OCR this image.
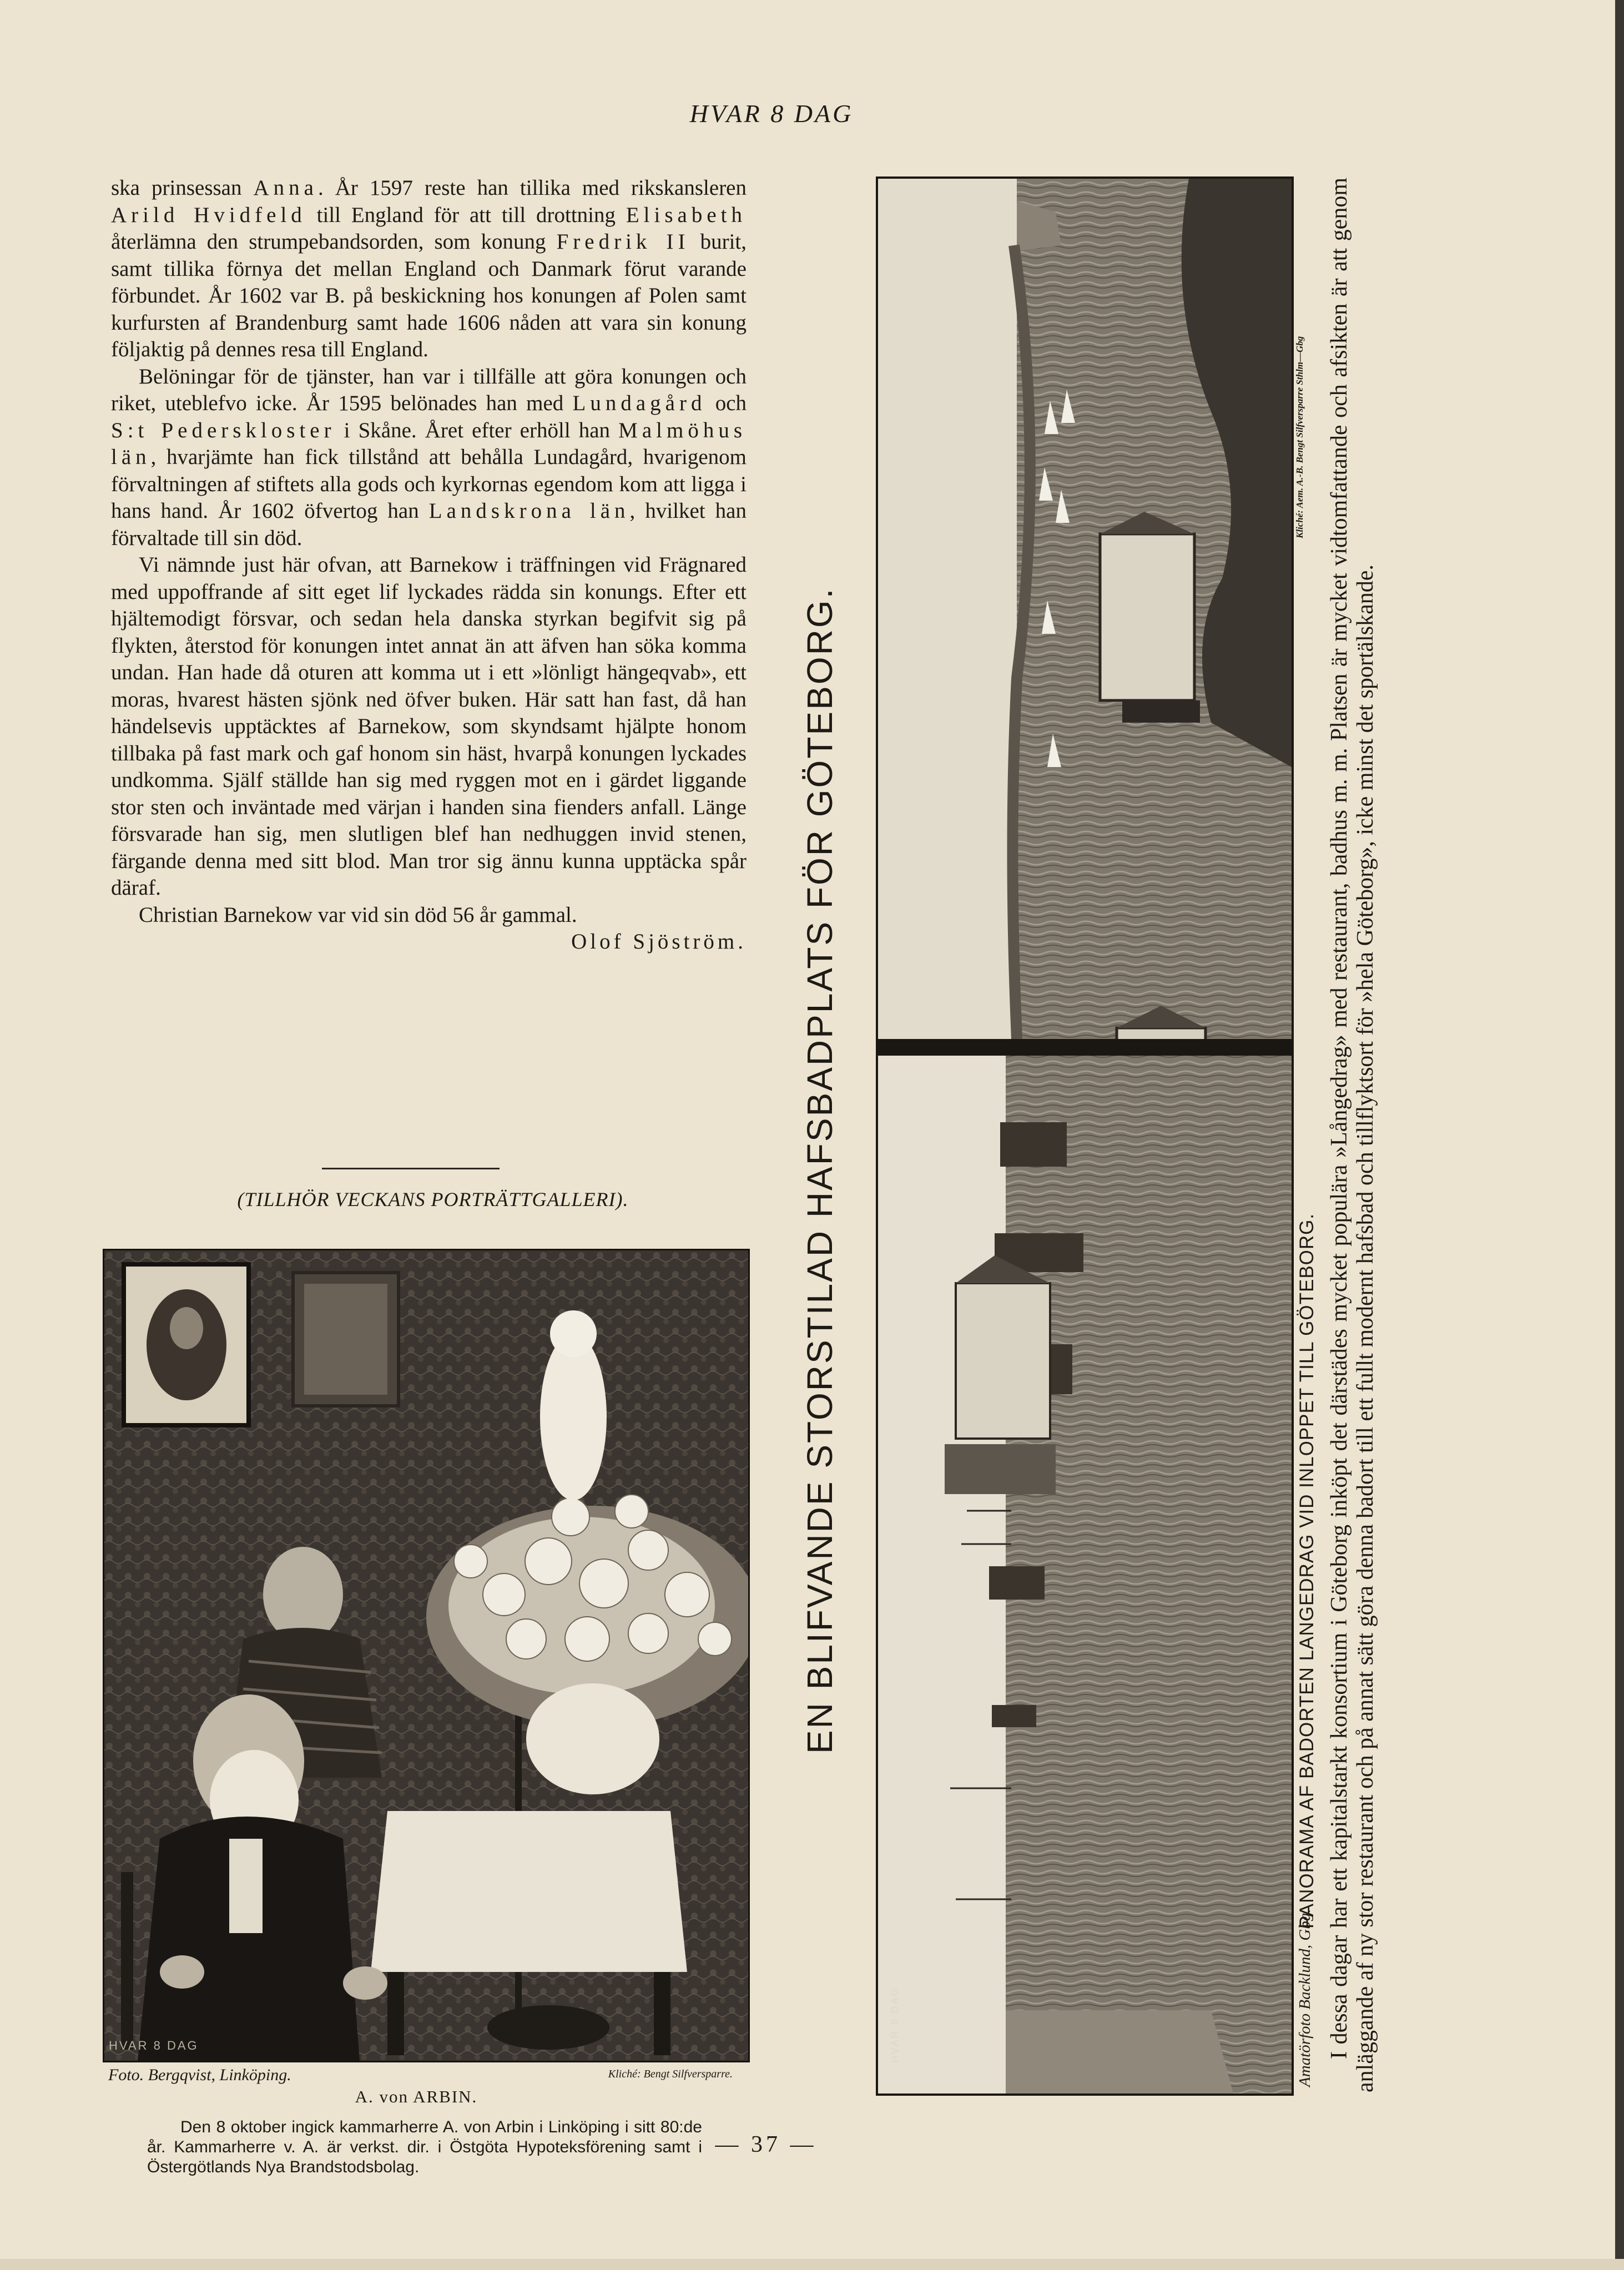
HVAR 8 DAG

ska prinsessan Anna. År 1597 reste han tillika med rikskansleren Arild Hvidfeld till England för att till drottning Elisabeth återlämna den strumpebandsorden, som konung Fredrik II burit, samt tillika förnya det mellan England och Danmark förut varande förbundet. År 1602 var B. på beskickning hos konungen af Polen samt kurfursten af Brandenburg samt hade 1606 nåden att vara sin konung följaktig på dennes resa till England.

Belöningar för de tjänster, han var i tillfälle att göra konungen och riket, uteblefvo icke. År 1595 belönades han med Lundagård och S:t Pederskloster i Skåne. Året efter erhöll han Malmöhus län, hvarjämte han fick tillstånd att behålla Lundagård, hvarigenom förvaltningen af stiftets alla gods och kyrkornas egendom kom att ligga i hans hand. År 1602 öfvertog han Landskrona län, hvilket han förvaltade till sin död.

Vi nämnde just här ofvan, att Barnekow i träffningen vid Frägnared med uppoffrande af sitt eget lif lyckades rädda sin konungs. Efter ett hjältemodigt försvar, och sedan hela danska styrkan begifvit sig på flykten, återstod för konungen intet annat än att äfven han söka komma undan. Han hade då oturen att komma ut i ett »lönligt hängeqvab», ett moras, hvarest hästen sjönk ned öfver buken. Här satt han fast, då han händelsevis upptäcktes af Barnekow, som skyndsamt hjälpte honom tillbaka på fast mark och gaf honom sin häst, hvarpå konungen lyckades undkomma. Själf ställde han sig med ryggen mot en i gärdet liggande stor sten och inväntade med värjan i handen sina fienders anfall. Länge försvarade han sig, men slutligen blef han nedhuggen invid stenen, färgande denna med sitt blod. Man tror sig ännu kunna upptäcka spår däraf.

Christian Barnekow var vid sin död 56 år gammal.

Olof Sjöström.
(TILLHÖR VECKANS PORTRÄTTGALLERI).
HVAR 8 DAG
Foto. Bergqvist, Linköping.	Kliché: Bengt Silfversparre.
A. von ARBIN.

Den 8 oktober ingick kammarherre A. von Arbin i Linköping i sitt 80:de år. Kammarherre v. A. är verkst. dir. i Östgöta Hypoteksförening samt i Östergötlands Nya Brandstodsbolag.

— 37 —
EN BLIFVANDE STORSTILAD HAFSBADPLATS FÖR GÖTEBORG.
HVAR 8 DAG
PANORAMA AF BADORTEN LANGEDRAG VID INLOPPET TILL GÖTEBORG.
Amatörfoto Backlund, Gbg.
Kliché: Aem. A.-B. Bengt Silfversparre Sthlm—Gbg I dessa dagar har ett kapitalstarkt konsortium i Göteborg inköpt det därstädes mycket populära »Långedrag» med restaurant, badhus m. m. Platsen är mycket vidtomfattande och afsikten är att genom anläggande af ny stor restaurant och på annat sätt göra denna badort till ett fullt modernt hafsbad och tillflyktsort för »hela Göteborg», icke minst det sportälskande.
